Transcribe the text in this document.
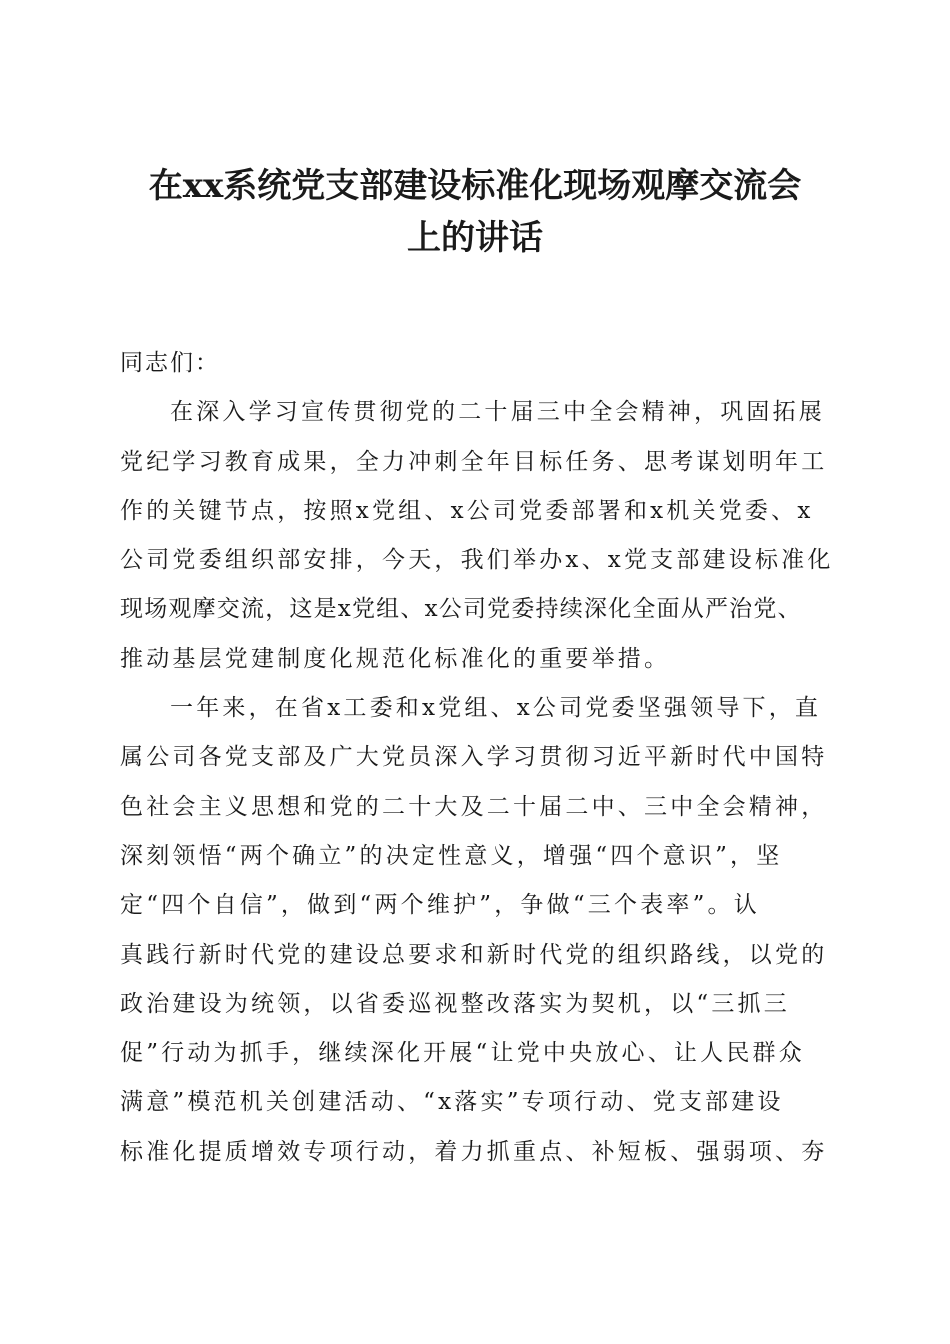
在xx系统党支部建设标准化现场观摩交流会
上的讲话
同志们：
在深入学习宣传贯彻党的二十届三中全会精神，巩固拓展
党纪学习教育成果，全力冲刺全年目标任务、思考谋划明年工
作的关键节点，按照x党组、x公司党委部署和x机关党委、x
公司党委组织部安排，今天，我们举办x、x党支部建设标准化
现场观摩交流，这是x党组、x公司党委持续深化全面从严治党、
推动基层党建制度化规范化标准化的重要举措。
一年来，在省x工委和x党组、x公司党委坚强领导下，直
属公司各党支部及广大党员深入学习贯彻习近平新时代中国特
色社会主义思想和党的二十大及二十届二中、三中全会精神，
深刻领悟“两个确立”的决定性意义，增强“四个意识”，坚
定“四个自信”，做到“两个维护”，争做“三个表率”。认
真践行新时代党的建设总要求和新时代党的组织路线，以党的
政治建设为统领，以省委巡视整改落实为契机，以“三抓三
促”行动为抓手，继续深化开展“让党中央放心、让人民群众
满意”模范机关创建活动、“x落实”专项行动、党支部建设
标准化提质增效专项行动，着力抓重点、补短板、强弱项、夯
